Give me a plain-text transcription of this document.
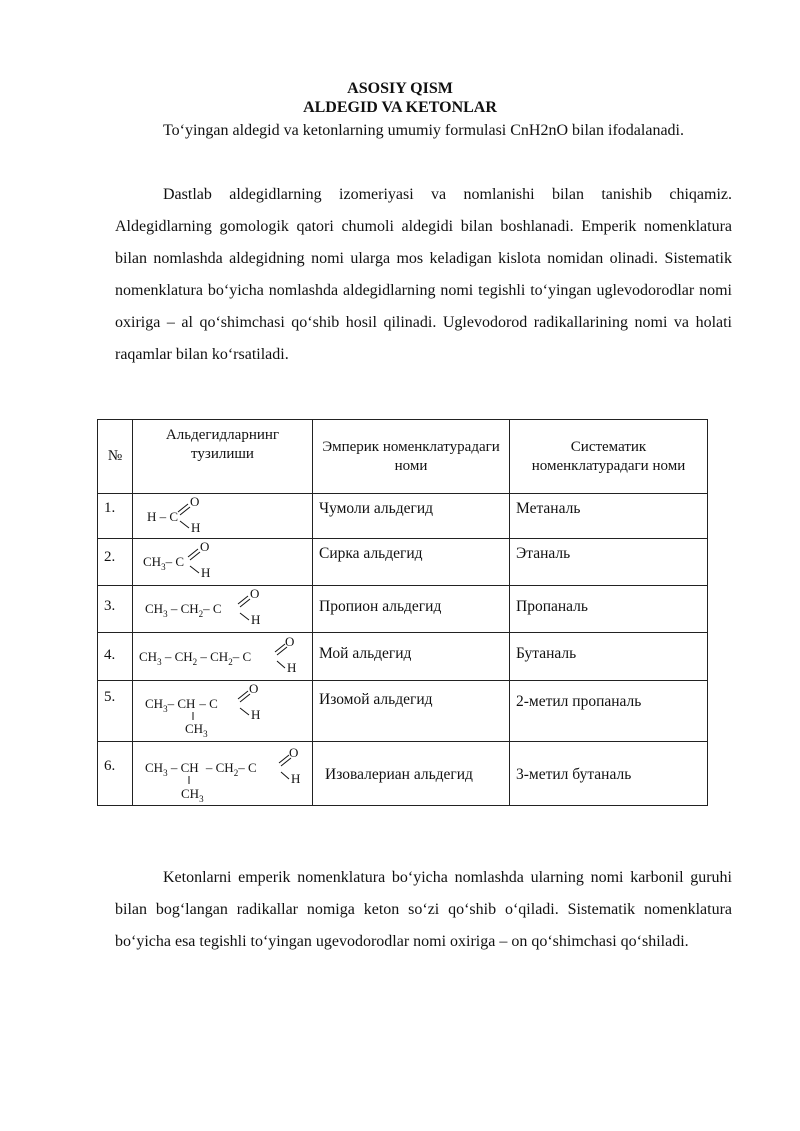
ASOSIY QISM
ALDEGID VA KETONLAR

To‘yingan aldegid va ketonlarning umumiy formulasi CnH2nO bilan ifodalanadi.

Dastlab aldegidlarning izomeriyasi va nomlanishi bilan tanishib chiqamiz. Aldegidlarning gomologik qatori chumoli aldegidi bilan boshlanadi. Emperik nomenklatura bilan nomlashda aldegidning nomi ularga mos keladigan kislota nomidan olinadi. Sistematik nomenklatura bo‘yicha nomlashda aldegidlarning nomi tegishli to‘yingan uglevodorodlar nomi oxiriga – al qo‘shimchasi qo‘shib hosil qilinadi. Uglevodorod radikallarining nomi va holati raqamlar bilan ko‘rsatiladi.

№	Альдегидларнинг тузилиши	Эмперик номенклатурадаги номи	Систематик номенклатурадаги номи
1.	H – C
O
H	Чумоли альдегид	Метаналь
2.	$CH_3-$ C
O
H	Сирка альдегид	Этаналь
3.	$CH_3 - CH_2-$ C
O
H	Пропион альдегид	Пропаналь
4.	$CH_3 - CH_2 - CH_2-$ C
O
H	Мой альдегид	Бутаналь
5.	$CH_3-$ CH – C
O
H
$CH_3$	Изомой альдегид	2-метил пропаналь
6.	$CH_3$ – CH – $CH_2-$ C
O
H
$CH_3$	Изовалериан альдегид	3-метил бутаналь

Ketonlarni emperik nomenklatura bo‘yicha nomlashda ularning nomi karbonil guruhi bilan bog‘langan radikallar nomiga keton so‘zi qo‘shib o‘qiladi. Sistematik nomenklatura bo‘yicha esa tegishli to‘yingan ugevodorodlar nomi oxiriga – on qo‘shimchasi qo‘shiladi.
